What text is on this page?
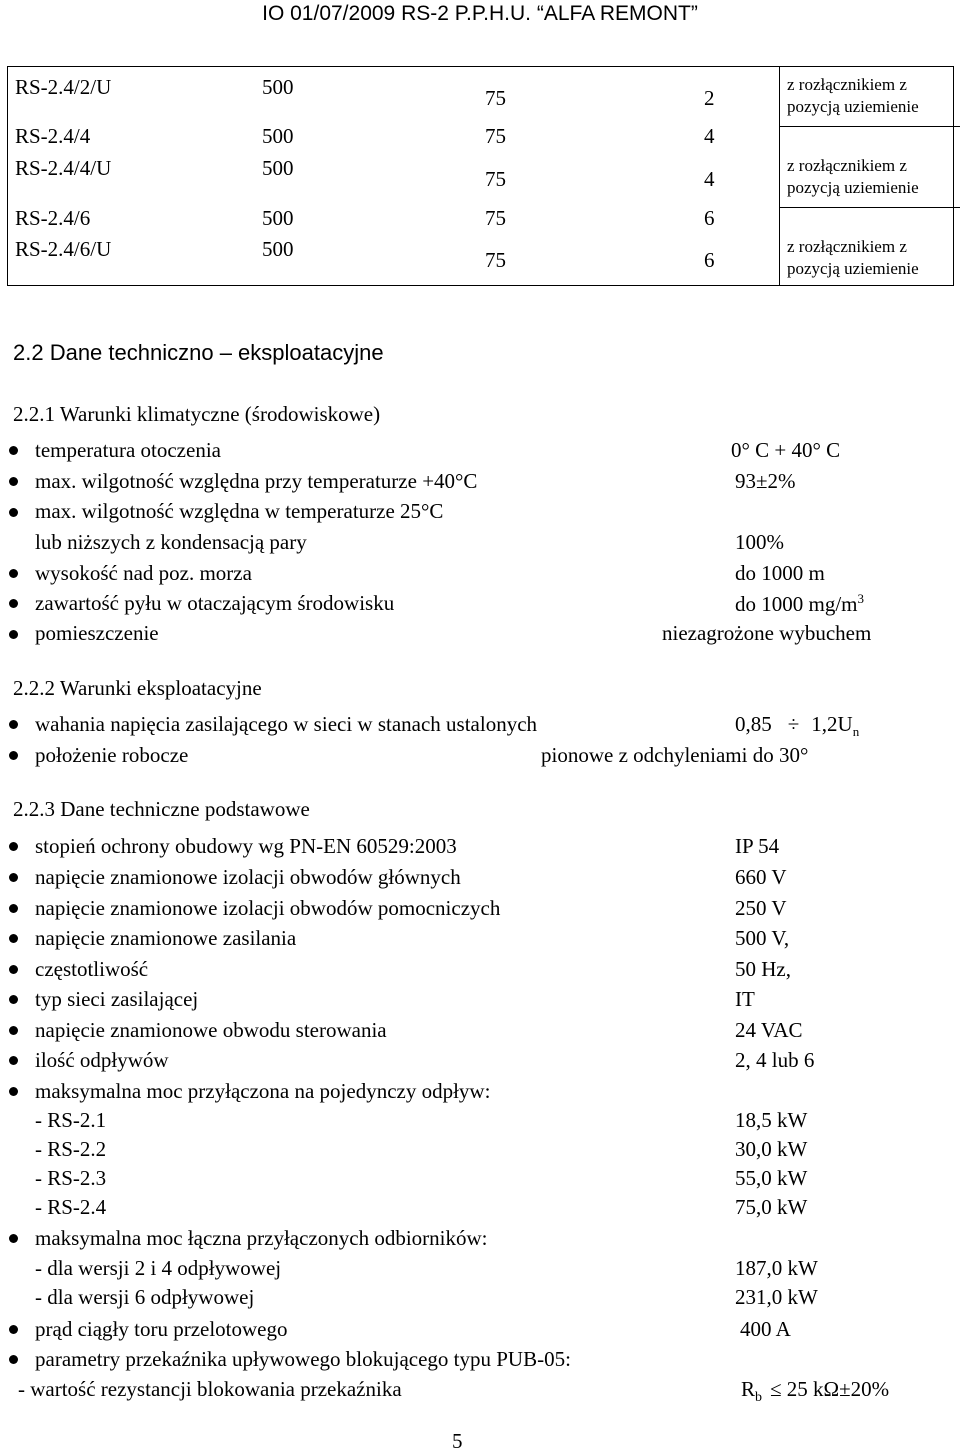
IO 01/07/2009 RS-2 P.P.H.U. “ALFA REMONT”
RS-2.4/2/U	500	75	2
z rozłącznikiem z
pozycją uziemienie
RS-2.4/4	500	75	4
RS-2.4/4/U	500	75	4
z rozłącznikiem z
pozycją uziemienie
RS-2.4/6	500	75	6
RS-2.4/6/U	500	75	6
z rozłącznikiem z
pozycją uziemienie
2.2 Dane techniczno – eksploatacyjne
2.2.1 Warunki klimatyczne (środowiskowe)
temperatura otoczenia	0° C + 40° C
max. wilgotność względna przy temperaturze +40°C	93±2%
max. wilgotność względna w temperaturze 25°C
lub niższych z kondensacją pary	100%
wysokość nad poz. morza	do 1000 m
zawartość pyłu w otaczającym środowisku	do 1000 $mg/m^3$
pomieszczenie	niezagrożone wybuchem
2.2.2 Warunki eksploatacyjne
wahania napięcia zasilającego w sieci w stanach ustalonych	$0,85 \div 1,2U_n$
położenie robocze	pionowe z odchyleniami do 30°
2.2.3 Dane techniczne podstawowe
stopień ochrony obudowy wg PN-EN 60529:2003	IP 54
napięcie znamionowe izolacji obwodów głównych	660 V
napięcie znamionowe izolacji obwodów pomocniczych	250 V
napięcie znamionowe zasilania	500 V,
częstotliwość	50 Hz,
typ sieci zasilającej	IT
napięcie znamionowe obwodu sterowania	24 VAC
ilość odpływów	2, 4 lub 6
maksymalna moc przyłączona na pojedynczy odpływ:
- RS-2.1	18,5 kW
- RS-2.2	30,0 kW
- RS-2.3	55,0 kW
- RS-2.4	75,0 kW
maksymalna moc łączna przyłączonych odbiorników:
- dla wersji 2 i 4 odpływowej	187,0 kW
- dla wersji 6 odpływowej	231,0 kW
prąd ciągły toru przelotowego	400 A
parametry przekaźnika upływowego blokującego typu PUB-05:
- wartość rezystancji blokowania przekaźnika	$R_b \le 25$ kΩ±20%
5
